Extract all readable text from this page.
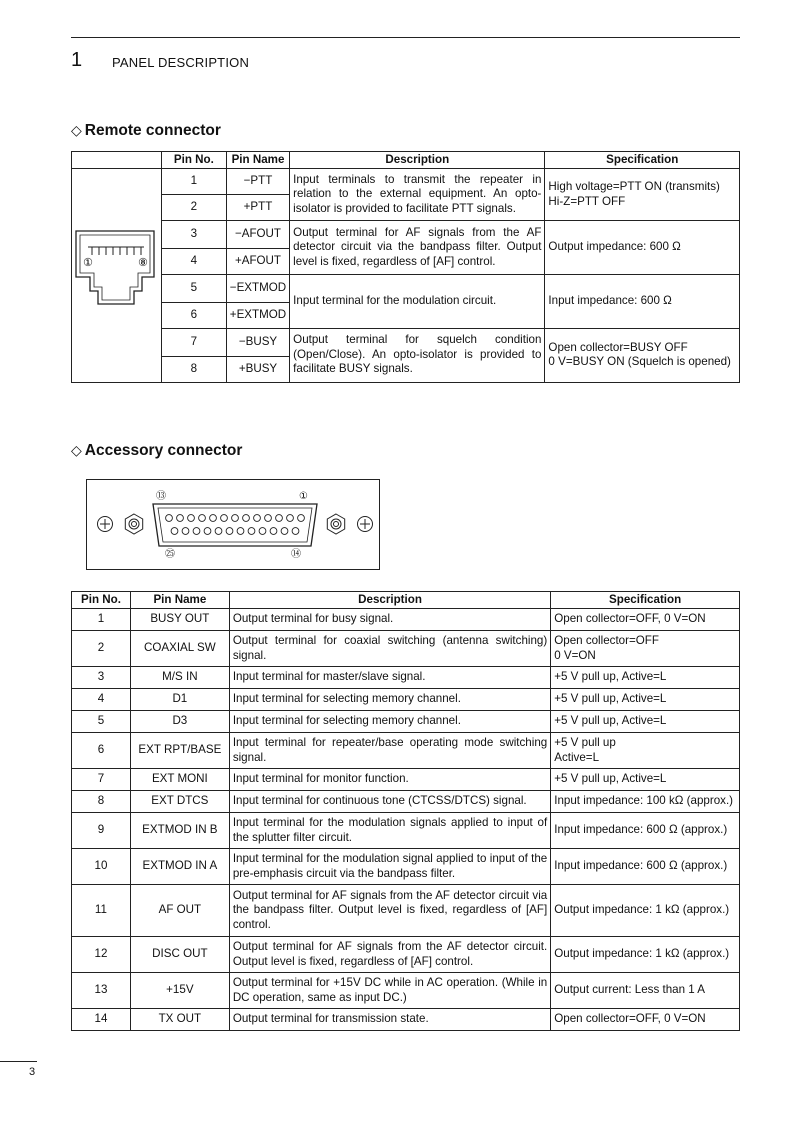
1 PANEL DESCRIPTION
◇ Remote connector
	Pin No.	Pin Name	Description	Specification

① ⑧	1	−PTT	Input terminals to transmit the repeater in relation to the external equipment. An opto-isolator is provided to facilitate PTT signals.	High voltage=PTT ON (transmits)
Hi-Z=PTT OFF
	2	+PTT		
	3	−AFOUT	Output terminal for AF signals from the AF detector circuit via the bandpass filter. Output level is fixed, regardless of [AF] control.	Output impedance: 600 Ω
	4	+AFOUT		
	5	−EXTMOD	Input terminal for the modulation circuit.	Input impedance: 600 Ω
	6	+EXTMOD		
	7	−BUSY	Output terminal for squelch condition (Open/Close). An opto-isolator is provided to facilitate BUSY signals.	Open collector=BUSY OFF
0 V=BUSY ON (Squelch is opened)
	8	+BUSY		
◇ Accessory connector
⑬	①
㉕	⑭
Pin No.	Pin Name	Description	Specification
1	BUSY OUT	Output terminal for busy signal.	Open collector=OFF, 0 V=ON
2	COAXIAL SW	Output terminal for coaxial switching (antenna switching) signal.	Open collector=OFF
0 V=ON
3	M/S IN	Input terminal for master/slave signal.	+5 V pull up, Active=L
4	D1	Input terminal for selecting memory channel.	+5 V pull up, Active=L
5	D3	Input terminal for selecting memory channel.	+5 V pull up, Active=L
6	EXT RPT/BASE	Input terminal for repeater/base operating mode switching signal.	+5 V pull up
Active=L
7	EXT MONI	Input terminal for monitor function.	+5 V pull up, Active=L
8	EXT DTCS	Input terminal for continuous tone (CTCSS/DTCS) signal.	Input impedance: 100 kΩ (approx.)
9	EXTMOD IN B	Input terminal for the modulation signals applied to input of the splutter filter circuit.	Input impedance: 600 Ω (approx.)
10	EXTMOD IN A	Input terminal for the modulation signal applied to input of the pre-emphasis circuit via the bandpass filter.	Input impedance: 600 Ω (approx.)
11	AF OUT	Output terminal for AF signals from the AF detector circuit via the bandpass filter. Output level is fixed, regardless of [AF] control.	Output impedance: 1 kΩ (approx.)
12	DISC OUT	Output terminal for AF signals from the AF detector circuit. Output level is fixed, regardless of [AF] control.	Output impedance: 1 kΩ (approx.)
13	+15V	Output terminal for +15V DC while in AC operation. (While in DC operation, same as input DC.)	Output current: Less than 1 A
14	TX OUT	Output terminal for transmission state.	Open collector=OFF, 0 V=ON
3
